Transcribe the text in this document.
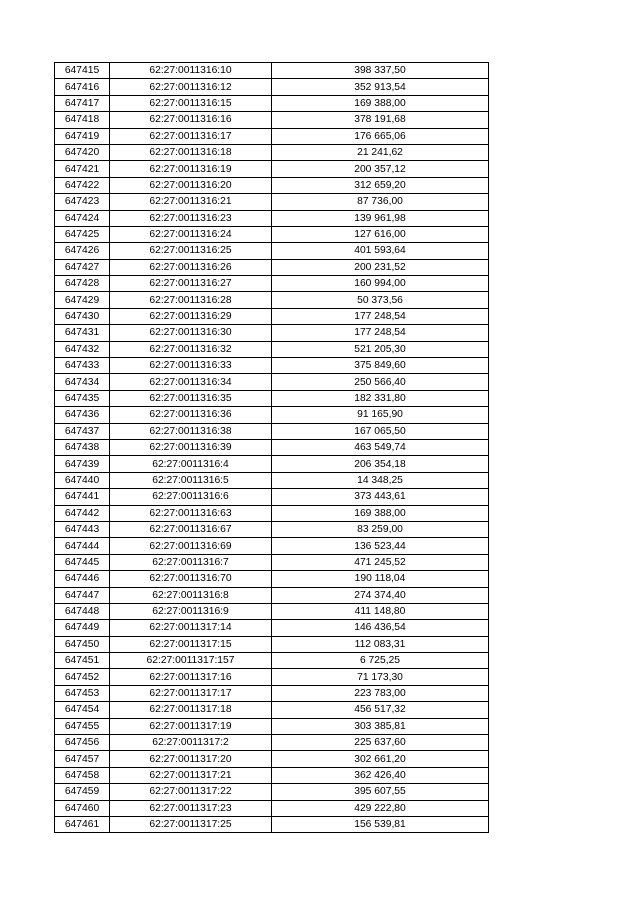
647415	62:27:0011316:10	398 337,50
647416	62:27:0011316:12	352 913,54
647417	62:27:0011316:15	169 388,00
647418	62:27:0011316:16	378 191,68
647419	62:27:0011316:17	176 665,06
647420	62:27:0011316:18	21 241,62
647421	62:27:0011316:19	200 357,12
647422	62:27:0011316:20	312 659,20
647423	62:27:0011316:21	87 736,00
647424	62:27:0011316:23	139 961,98
647425	62:27:0011316:24	127 616,00
647426	62:27:0011316:25	401 593,64
647427	62:27:0011316:26	200 231,52
647428	62:27:0011316:27	160 994,00
647429	62:27:0011316:28	50 373,56
647430	62:27:0011316:29	177 248,54
647431	62:27:0011316:30	177 248,54
647432	62:27:0011316:32	521 205,30
647433	62:27:0011316:33	375 849,60
647434	62:27:0011316:34	250 566,40
647435	62:27:0011316:35	182 331,80
647436	62:27:0011316:36	91 165,90
647437	62:27:0011316:38	167 065,50
647438	62:27:0011316:39	463 549,74
647439	62:27:0011316:4	206 354,18
647440	62:27:0011316:5	14 348,25
647441	62:27:0011316:6	373 443,61
647442	62:27:0011316:63	169 388,00
647443	62:27:0011316:67	83 259,00
647444	62:27:0011316:69	136 523,44
647445	62:27:0011316:7	471 245,52
647446	62:27:0011316:70	190 118,04
647447	62:27:0011316:8	274 374,40
647448	62:27:0011316:9	411 148,80
647449	62:27:0011317:14	146 436,54
647450	62:27:0011317:15	112 083,31
647451	62:27:0011317:157	6 725,25
647452	62:27:0011317:16	71 173,30
647453	62:27:0011317:17	223 783,00
647454	62:27:0011317:18	456 517,32
647455	62:27:0011317:19	303 385,81
647456	62:27:0011317:2	225 637,60
647457	62:27:0011317:20	302 661,20
647458	62:27:0011317:21	362 426,40
647459	62:27:0011317:22	395 607,55
647460	62:27:0011317:23	429 222,80
647461	62:27:0011317:25	156 539,81
